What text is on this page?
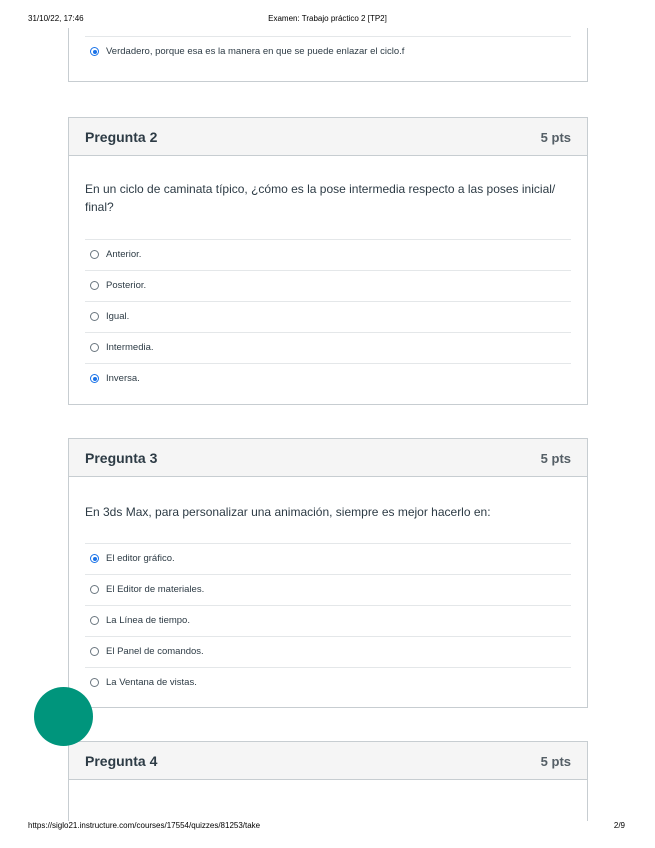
31/10/22, 17:46	Examen: Trabajo práctico 2 [TP2]
Verdadero, porque esa es la manera en que se puede enlazar el ciclo.f
Pregunta 2	5 pts
En un ciclo de caminata típico, ¿cómo es la pose intermedia respecto a las poses inicial/ final?
Anterior.
Posterior.
Igual.
Intermedia.
Inversa.
Pregunta 3	5 pts
En 3ds Max, para personalizar una animación, siempre es mejor hacerlo en:
El editor gráfico.
El Editor de materiales.
La Línea de tiempo.
El Panel de comandos.
La Ventana de vistas.
Pregunta 4	5 pts
https://siglo21.instructure.com/courses/17554/quizzes/81253/take	2/9
